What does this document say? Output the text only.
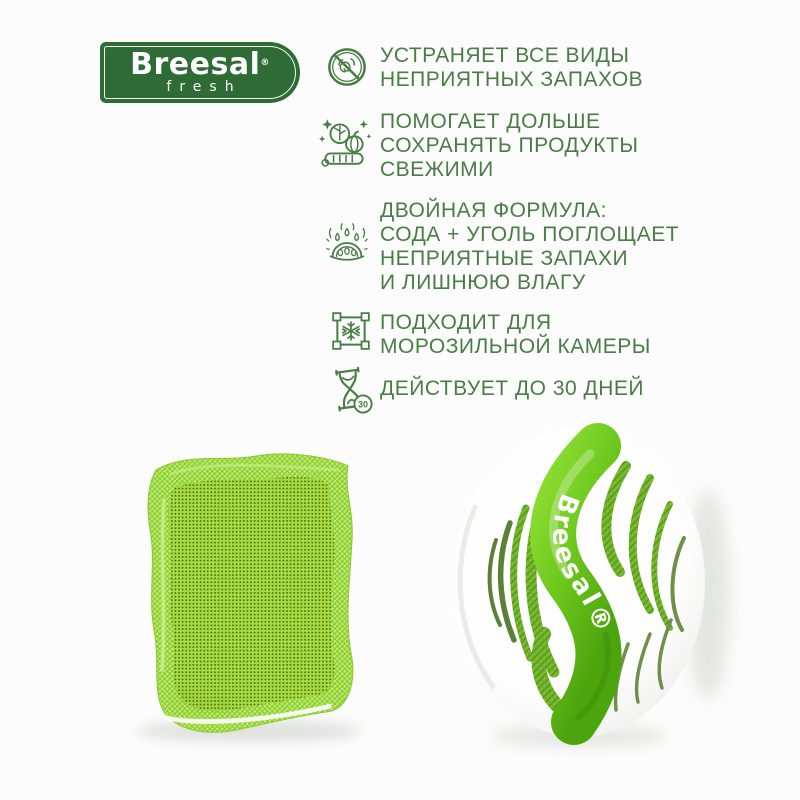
Breesal®
fresh
УСТРАНЯЕТ ВСЕ ВИДЫ
НЕПРИЯТНЫХ ЗАПАХОВ
ПОМОГАЕТ ДОЛЬШЕ
СОХРАНЯТЬ ПРОДУКТЫ
СВЕЖИМИ
ДВОЙНАЯ ФОРМУЛА:
СОДА + УГОЛЬ ПОГЛОЩАЕТ
НЕПРИЯТНЫЕ ЗАПАХИ
И ЛИШНЮЮ ВЛАГУ
ПОДХОДИТ ДЛЯ
МОРОЗИЛЬНОЙ КАМЕРЫ
30
ДЕЙСТВУЕТ ДО 30 ДНЕЙ
Breesal®
